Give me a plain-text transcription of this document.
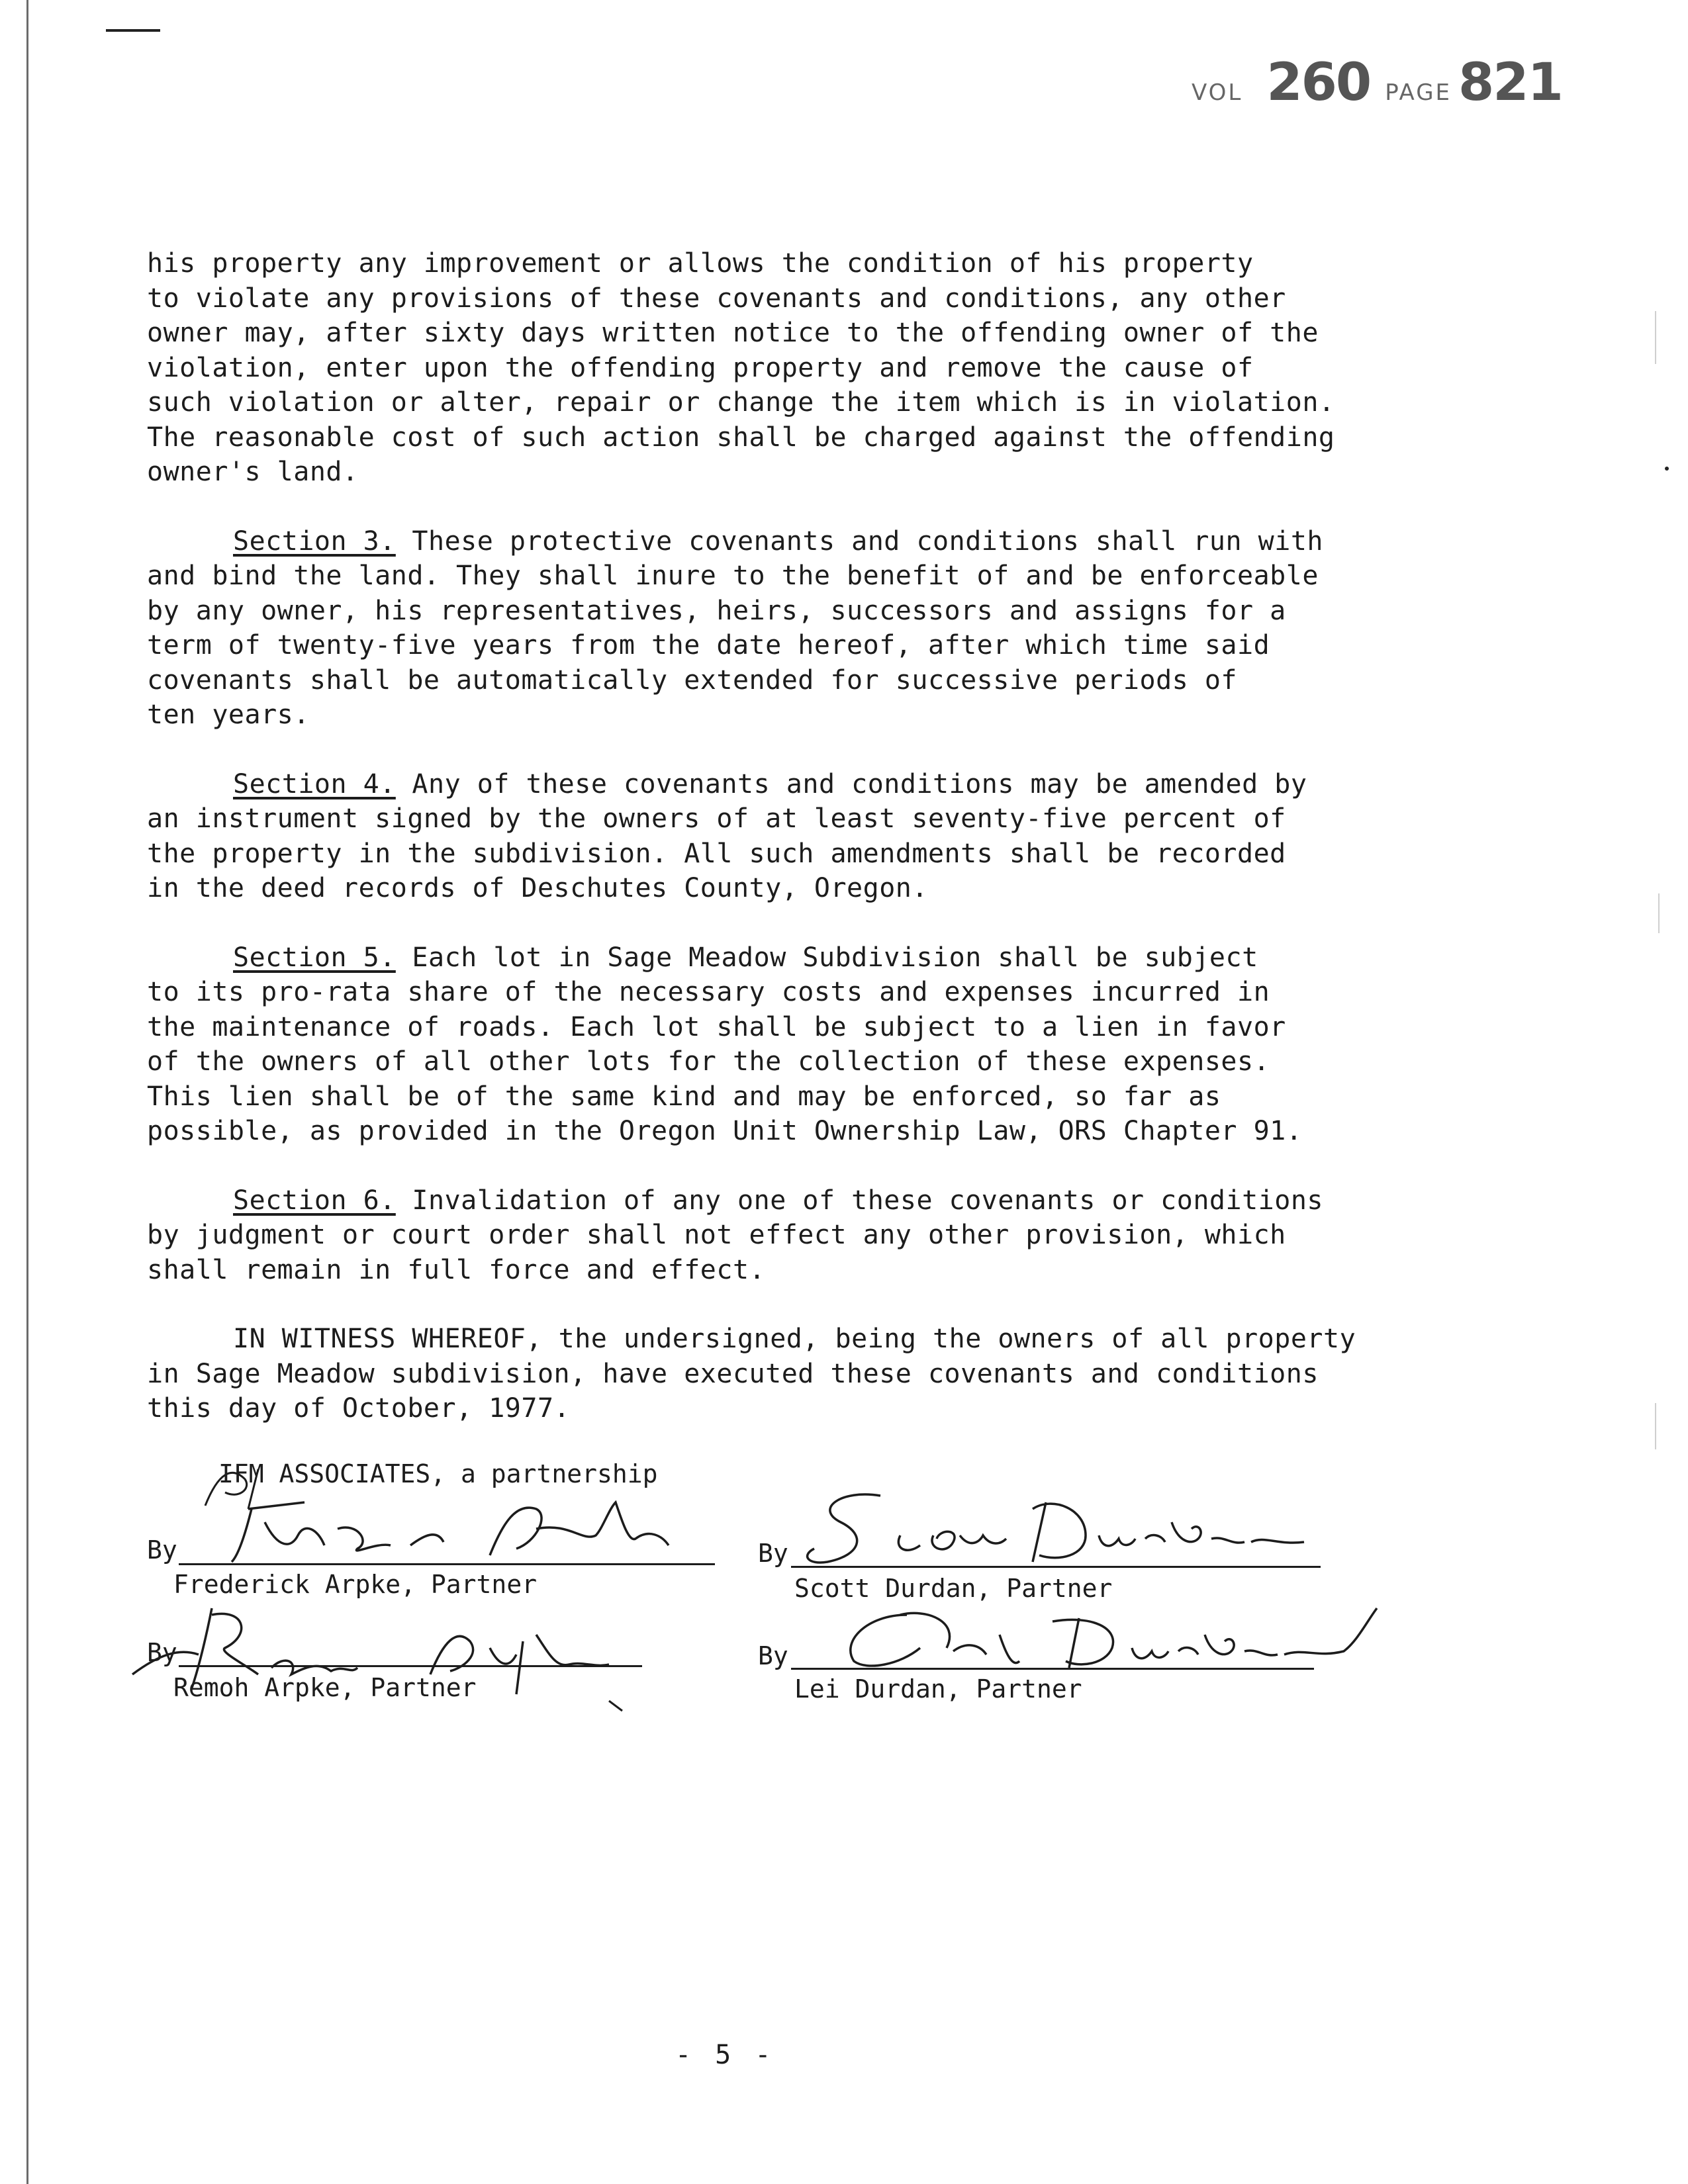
VOL 260 PAGE 821

his property any improvement or allows the condition of his property
to violate any provisions of these covenants and conditions, any other
owner may, after sixty days written notice to the offending owner of the
violation, enter upon the offending property and remove the cause of
such violation or alter, repair or change the item which is in violation.
The reasonable cost of such action shall be charged against the offending
owner's land.

Section 3. These protective covenants and conditions shall run with
and bind the land. They shall inure to the benefit of and be enforceable
by any owner, his representatives, heirs, successors and assigns for a
term of twenty-five years from the date hereof, after which time said
covenants shall be automatically extended for successive periods of
ten years.

Section 4. Any of these covenants and conditions may be amended by
an instrument signed by the owners of at least seventy-five percent of
the property in the subdivision. All such amendments shall be recorded
in the deed records of Deschutes County, Oregon.

Section 5. Each lot in Sage Meadow Subdivision shall be subject
to its pro-rata share of the necessary costs and expenses incurred in
the maintenance of roads. Each lot shall be subject to a lien in favor
of the owners of all other lots for the collection of these expenses.
This lien shall be of the same kind and may be enforced, so far as
possible, as provided in the Oregon Unit Ownership Law, ORS Chapter 91.

Section 6. Invalidation of any one of these covenants or conditions
by judgment or court order shall not effect any other provision, which
shall remain in full force and effect.

IN WITNESS WHEREOF, the undersigned, being the owners of all property
in Sage Meadow subdivision, have executed these covenants and conditions
this day of October, 1977.

IFM ASSOCIATES, a partnership
By
Frederick Arpke, Partner
By
Remoh Arpke, Partner
By
Scott Durdan, Partner
By
Lei Durdan, Partner
- 5 -
